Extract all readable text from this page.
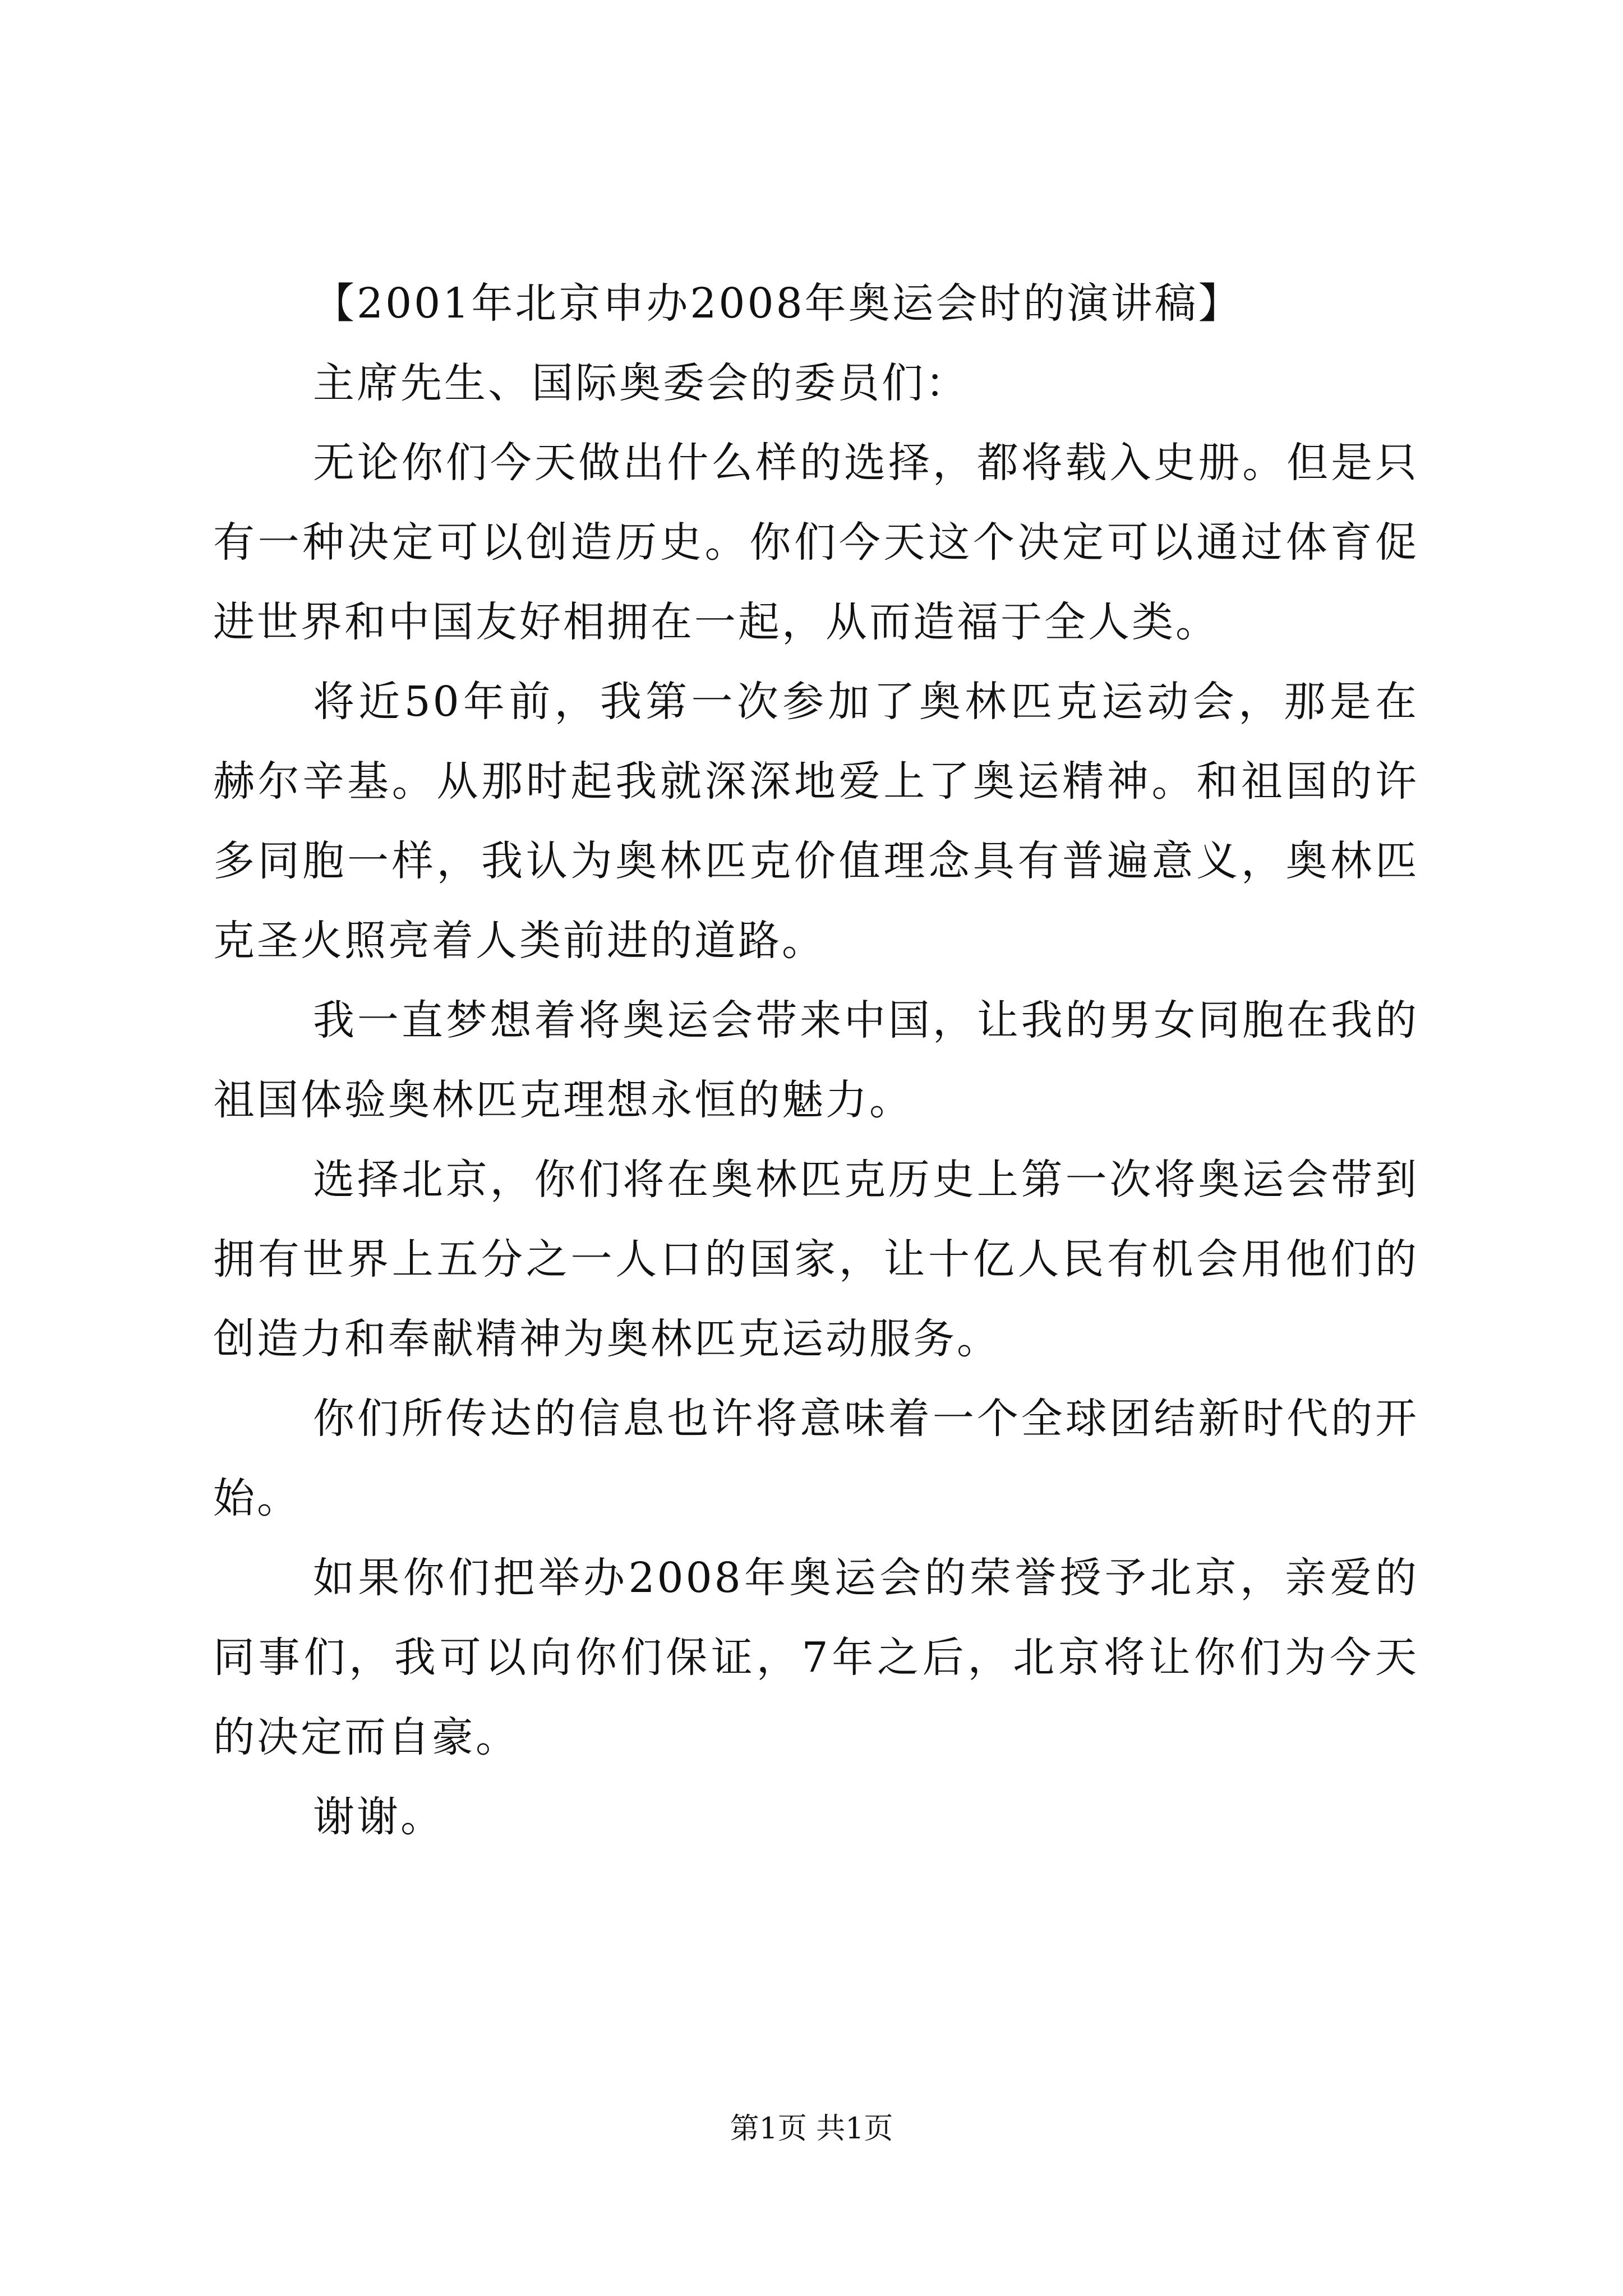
【2001年北京申办2008年奥运会时的演讲稿】
主席先生、国际奥委会的委员们：
无论你们今天做出什么样的选择，都将载入史册。但是只有一种决定可以创造历史。你们今天这个决定可以通过体育促进世界和中国友好相拥在一起，从而造福于全人类。
将近50年前，我第一次参加了奥林匹克运动会，那是在赫尔辛基。从那时起我就深深地爱上了奥运精神。和祖国的许多同胞一样，我认为奥林匹克价值理念具有普遍意义，奥林匹克圣火照亮着人类前进的道路。
我一直梦想着将奥运会带来中国，让我的男女同胞在我的祖国体验奥林匹克理想永恒的魅力。
选择北京，你们将在奥林匹克历史上第一次将奥运会带到拥有世界上五分之一人口的国家，让十亿人民有机会用他们的创造力和奉献精神为奥林匹克运动服务。
你们所传达的信息也许将意味着一个全球团结新时代的开始。
如果你们把举办2008年奥运会的荣誉授予北京，亲爱的同事们，我可以向你们保证，7年之后，北京将让你们为今天的决定而自豪。
谢谢。
第1页 共1页
